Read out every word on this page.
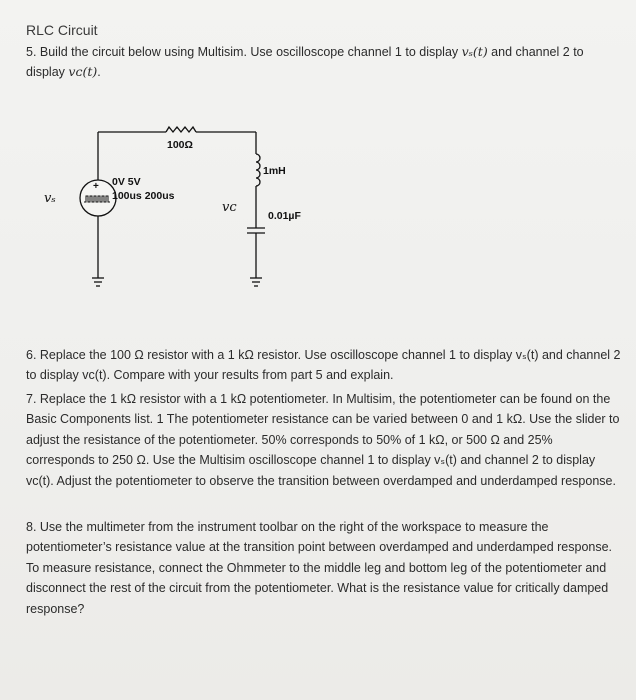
RLC Circuit
5. Build the circuit below using Multisim. Use oscilloscope channel 1 to display vₛ(t) and channel 2 to display vᴄ(t).
+
100Ω
1mH
0.01µF
0V 5V
100us 200us
vₛ
vᴄ
6. Replace the 100 Ω resistor with a 1 kΩ resistor. Use oscilloscope channel 1 to display vₛ(t) and channel 2 to display vᴄ(t). Compare with your results from part 5 and explain.
7. Replace the 1 kΩ resistor with a 1 kΩ potentiometer. In Multisim, the potentiometer can be found on the Basic Components list. 1 The potentiometer resistance can be varied between 0 and 1 kΩ. Use the slider to adjust the resistance of the potentiometer. 50% corresponds to 50% of 1 kΩ, or 500 Ω and 25% corresponds to 250 Ω. Use the Multisim oscilloscope channel 1 to display vₛ(t) and channel 2 to display vᴄ(t). Adjust the potentiometer to observe the transition between overdamped and underdamped response.
8. Use the multimeter from the instrument toolbar on the right of the workspace to measure the potentiometer’s resistance value at the transition point between overdamped and underdamped response. To measure resistance, connect the Ohmmeter to the middle leg and bottom leg of the potentiometer and disconnect the rest of the circuit from the potentiometer. What is the resistance value for critically damped response?
